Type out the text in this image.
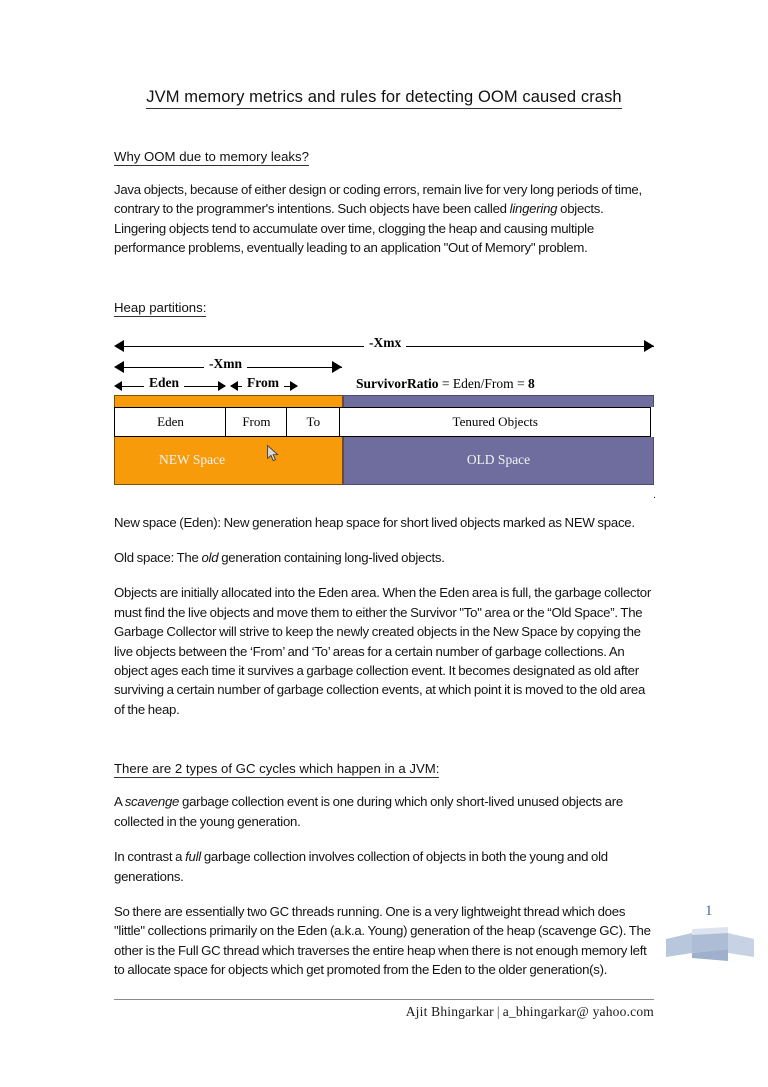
JVM memory metrics and rules for detecting OOM caused crash
Why OOM due to memory leaks?

Java objects, because of either design or coding errors, remain live for very long periods of time, contrary to the programmer's intentions. Such objects have been called lingering objects. Lingering objects tend to accumulate over time, clogging the heap and causing multiple performance problems, eventually leading to an application "Out of Memory" problem.

Heap partitions:
-Xmx
-Xmn
Eden	From	SurvivorRatio = Eden/From = 8
Eden	From	To	Tenured Objects
NEW Space	OLD Space
.

New space (Eden): New generation heap space for short lived objects marked as NEW space.

Old space: The old generation containing long-lived objects.

Objects are initially allocated into the Eden area. When the Eden area is full, the garbage collector must find the live objects and move them to either the Survivor "To" area or the “Old Space”. The Garbage Collector will strive to keep the newly created objects in the New Space by copying the live objects between the ‘From’ and ‘To’ areas for a certain number of garbage collections. An object ages each time it survives a garbage collection event. It becomes designated as old after surviving a certain number of garbage collection events, at which point it is moved to the old area of the heap.

There are 2 types of GC cycles which happen in a JVM:

A scavenge garbage collection event is one during which only short-lived unused objects are collected in the young generation.

In contrast a full garbage collection involves collection of objects in both the young and old generations.

So there are essentially two GC threads running. One is a very lightweight thread which does "little" collections primarily on the Eden (a.k.a. Young) generation of the heap (scavenge GC). The other is the Full GC thread which traverses the entire heap when there is not enough memory left to allocate space for objects which get promoted from the Eden to the older generation(s).

1
Ajit Bhingarkar | a_bhingarkar@ yahoo.com
